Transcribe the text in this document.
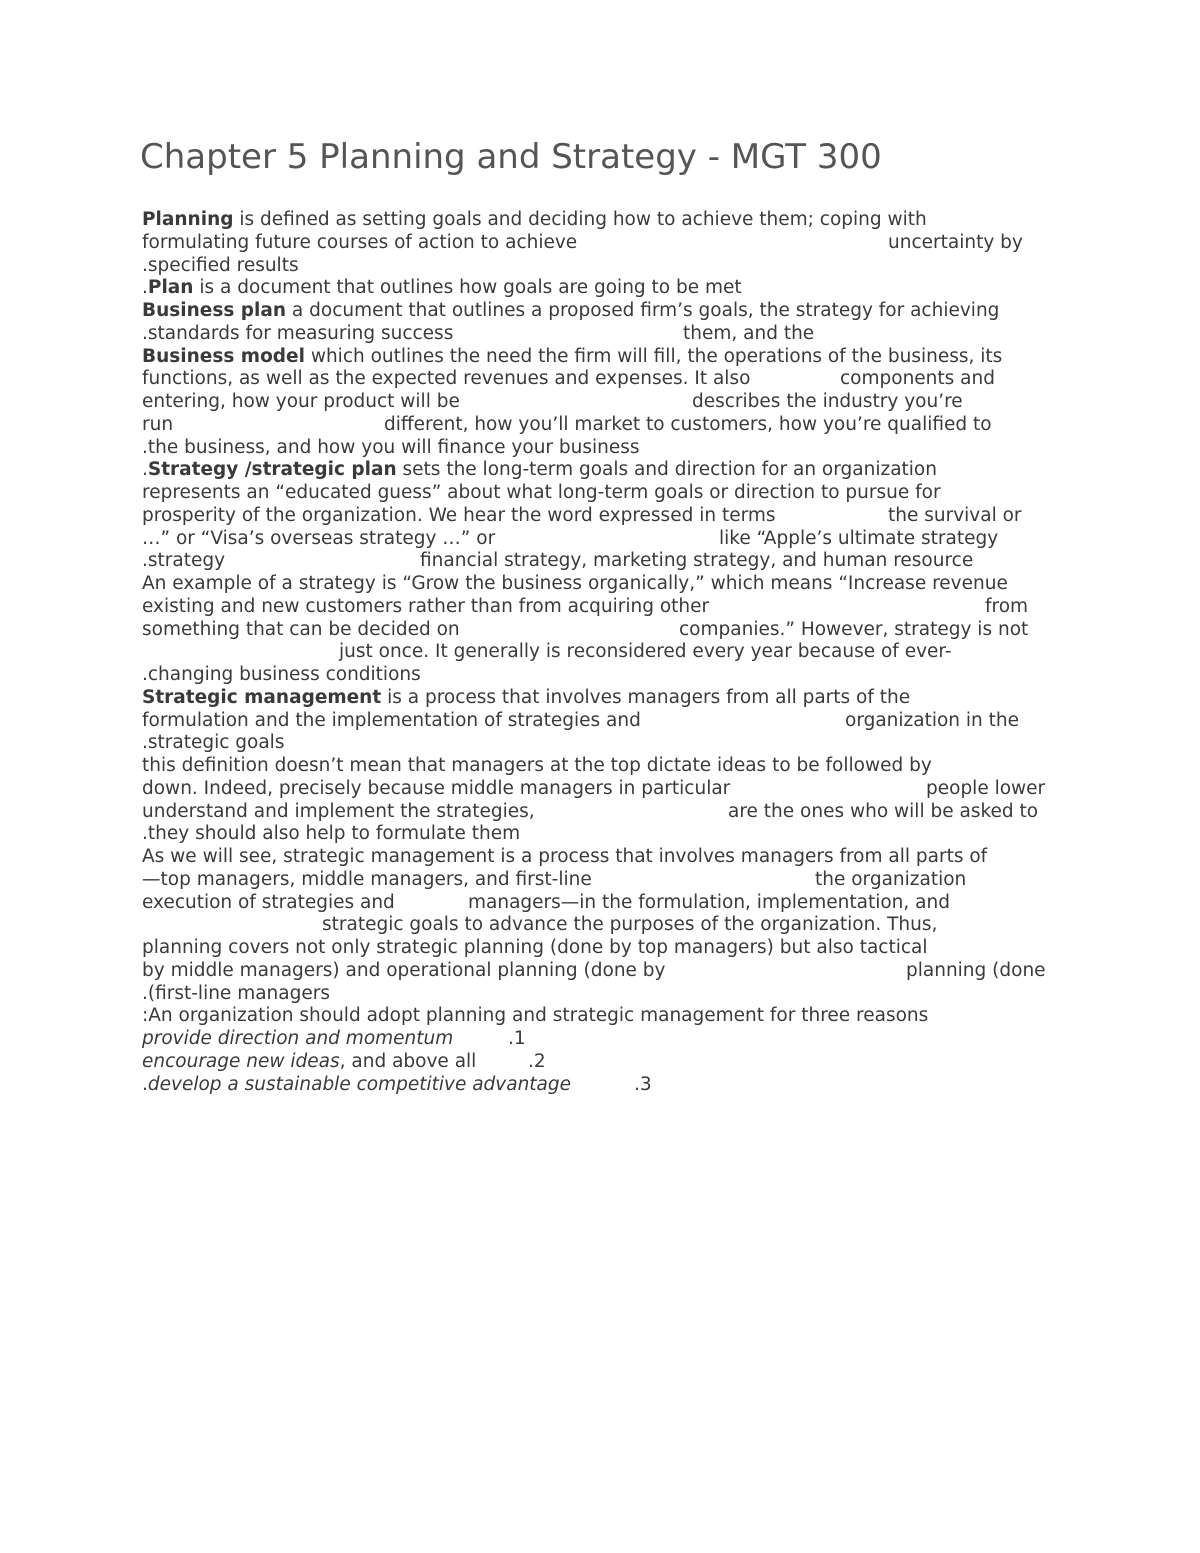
Chapter 5 Planning and Strategy - MGT 300
Planning is defined as setting goals and deciding how to achieve them; coping with
formulating future courses of action to achieve	uncertainty by
.specified results
.Plan is a document that outlines how goals are going to be met
Business plan a document that outlines a proposed firm’s goals, the strategy for achieving
.standards for measuring success	them, and the
Business model which outlines the need the firm will fill, the operations of the business, its
functions, as well as the expected revenues and expenses. It also	components and
entering, how your product will be	describes the industry you’re
run	different, how you’ll market to customers, how you’re qualified to
.the business, and how you will finance your business
.Strategy /strategic plan sets the long-term goals and direction for an organization
represents an “educated guess” about what long-term goals or direction to pursue for
prosperity of the organization. We hear the word expressed in terms	the survival or
…” or “Visa’s overseas strategy …” or	like “Apple’s ultimate strategy
.strategy	financial strategy, marketing strategy, and human resource
An example of a strategy is “Grow the business organically,” which means “Increase revenue
existing and new customers rather than from acquiring other	from
something that can be decided on	companies.” However, strategy is not
just once. It generally is reconsidered every year because of ever-
.changing business conditions
Strategic management is a process that involves managers from all parts of the
formulation and the implementation of strategies and	organization in the
.strategic goals
this definition doesn’t mean that managers at the top dictate ideas to be followed by
down. Indeed, precisely because middle managers in particular	people lower
understand and implement the strategies,	are the ones who will be asked to
.they should also help to formulate them
As we will see, strategic management is a process that involves managers from all parts of
—top managers, middle managers, and first-line	the organization
execution of strategies and	managers—in the formulation, implementation, and
strategic goals to advance the purposes of the organization. Thus,
planning covers not only strategic planning (done by top managers) but also tactical
by middle managers) and operational planning (done by	planning (done
.(first-line managers
:An organization should adopt planning and strategic management for three reasons
provide direction and momentum	.1
encourage new ideas, and above all	.2
.develop a sustainable competitive advantage	.3
